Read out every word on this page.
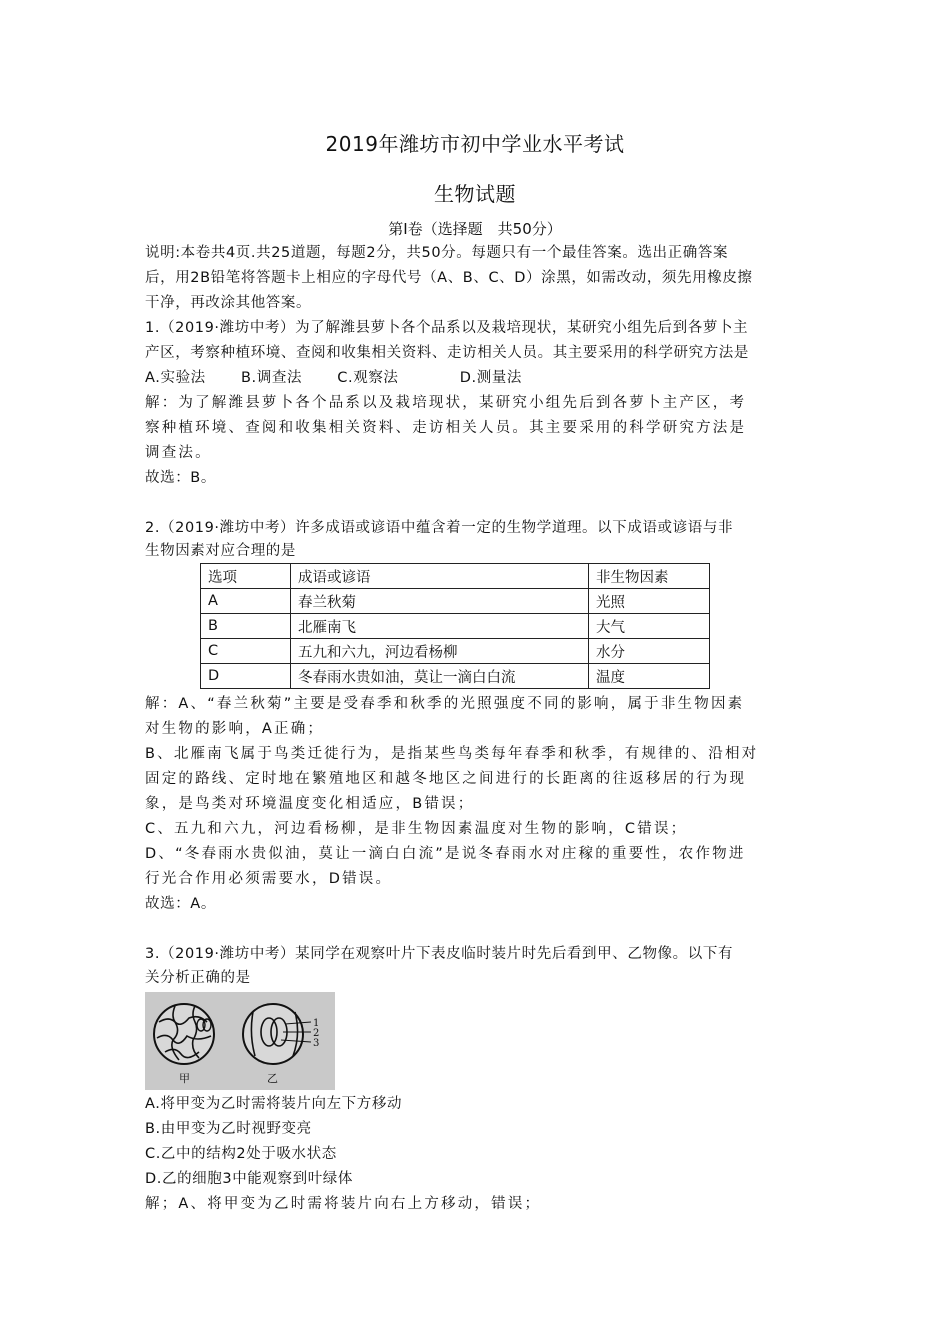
2019年潍坊市初中学业水平考试
生物试题
第Ⅰ卷（选择题　共50分）
说明:本卷共4页.共25道题，每题2分，共50分。每题只有一个最佳答案。选出正确答案
后，用2B铅笔将答题卡上相应的字母代号（A、B、C、D）涂黑，如需改动，须先用橡皮擦
干净，再改涂其他答案。
1.（2019·潍坊中考）为了解潍县萝卜各个品系以及栽培现状，某研究小组先后到各萝卜主
产区，考察种植环境、查阅和收集相关资料、走访相关人员。其主要采用的科学研究方法是
A.实验法 B.调查法 C.观察法	D.测量法
解：为了解潍县萝卜各个品系以及栽培现状，某研究小组先后到各萝卜主产区，考
察种植环境、查阅和收集相关资料、走访相关人员。其主要采用的科学研究方法是
调查法。
故选：B。
2.（2019·潍坊中考）许多成语或谚语中蕴含着一定的生物学道理。以下成语或谚语与非
生物因素对应合理的是
选项	成语或谚语	非生物因素
A	春兰秋菊	光照
B	北雁南飞	大气
C	五九和六九，河边看杨柳	水分
D	冬春雨水贵如油，莫让一滴白白流	温度
解：A、“春兰秋菊”主要是受春季和秋季的光照强度不同的影响，属于非生物因素
对生物的影响，A正确；
B、北雁南飞属于鸟类迁徙行为，是指某些鸟类每年春季和秋季，有规律的、沿相对
固定的路线、定时地在繁殖地区和越冬地区之间进行的长距离的往返移居的行为现
象，是鸟类对环境温度变化相适应，B错误；
C、五九和六九，河边看杨柳，是非生物因素温度对生物的影响，C错误；
D、“冬春雨水贵似油，莫让一滴白白流”是说冬春雨水对庄稼的重要性，农作物进
行光合作用必须需要水，D错误。
故选：A。
3.（2019·潍坊中考）某同学在观察叶片下表皮临时装片时先后看到甲、乙物像。以下有
关分析正确的是
1
2
3
甲	乙
A.将甲变为乙时需将装片向左下方移动
B.由甲变为乙时视野变亮
C.乙中的结构2处于吸水状态
D.乙的细胞3中能观察到叶绿体
解；A、将甲变为乙时需将装片向右上方移动，错误；
